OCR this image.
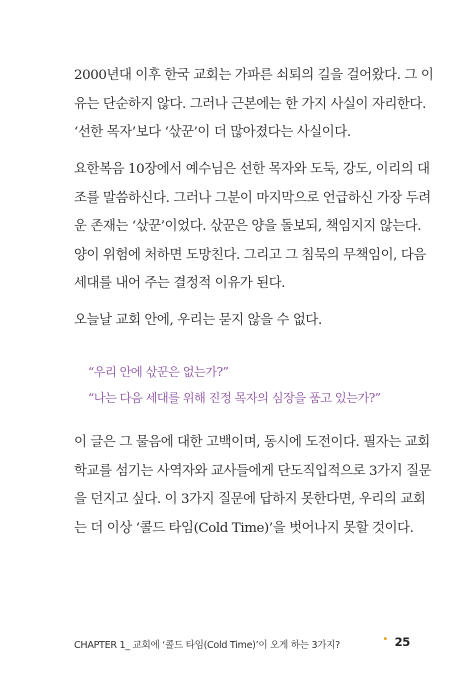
2000년대 이후 한국 교회는 가파른 쇠퇴의 길을 걸어왔다. 그 이
유는 단순하지 않다. 그러나 근본에는 한 가지 사실이 자리한다.
‘선한 목자’보다 ‘삯꾼’이 더 많아졌다는 사실이다.

요한복음 10장에서 예수님은 선한 목자와 도둑, 강도, 이리의 대
조를 말씀하신다. 그러나 그분이 마지막으로 언급하신 가장 두려
운 존재는 ‘삯꾼’이었다. 삯꾼은 양을 돌보되, 책임지지 않는다.
양이 위험에 처하면 도망친다. 그리고 그 침묵의 무책임이, 다음
세대를 내어 주는 결정적 이유가 된다.

오늘날 교회 안에, 우리는 묻지 않을 수 없다.

“우리 안에 삯꾼은 없는가?”

“나는 다음 세대를 위해 진정 목자의 심장을 품고 있는가?”

이 글은 그 물음에 대한 고백이며, 동시에 도전이다. 필자는 교회
학교를 섬기는 사역자와 교사들에게 단도직입적으로 3가지 질문
을 던지고 싶다. 이 3가지 질문에 답하지 못한다면, 우리의 교회
는 더 이상 ‘콜드 타임(Cold Time)’을 벗어나지 못할 것이다.

CHAPTER 1_ 교회에 ‘콜드 타임(Cold Time)’이 오게 하는 3가지?
• 25
